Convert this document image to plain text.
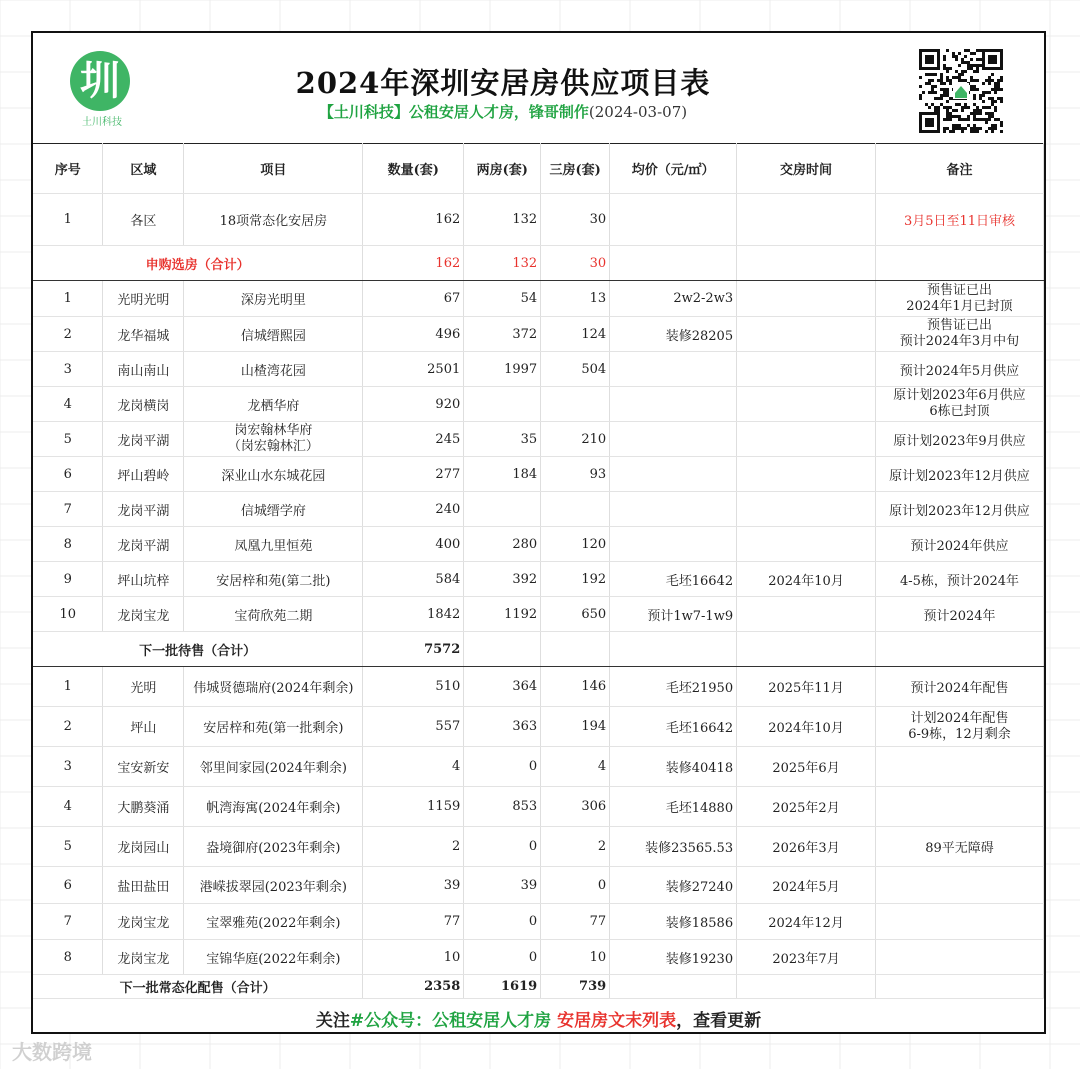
圳
土川科技
2024年深圳安居房供应项目表
【土川科技】公租安居人才房，锋哥制作(2024-03-07)
序号	区域	项目	数量(套)	两房(套)	三房(套)	均价（元/㎡）	交房时间	备注
1	各区	18项常态化安居房	162	132	30			3月5日至11日审核
申购选房（合计）			162	132	30			
1	光明光明	深房光明里	67	54	13	2w2-2w3		预售证已出
2024年1月已封顶
2	龙华福城	信城缙熙园	496	372	124	装修28205		预售证已出
预计2024年3月中旬
3	南山南山	山楂湾花园	2501	1997	504			预计2024年5月供应
4	龙岗横岗	龙栖华府	920					原计划2023年6月供应
6栋已封顶
5	龙岗平湖	岗宏翰林华府
（岗宏翰林汇）	245	35	210			原计划2023年9月供应
6	坪山碧岭	深业山水东城花园	277	184	93			原计划2023年12月供应
7	龙岗平湖	信城缙学府	240					原计划2023年12月供应
8	龙岗平湖	凤凰九里恒苑	400	280	120			预计2024年供应
9	坪山坑梓	安居梓和苑(第二批)	584	392	192	毛坯16642	2024年10月	4-5栋，预计2024年
10	龙岗宝龙	宝荷欣苑二期	1842	1192	650	预计1w7-1w9		预计2024年
下一批待售（合计）			7572					
1	光明	伟城贤德瑞府(2024年剩余)	510	364	146	毛坯21950	2025年11月	预计2024年配售
2	坪山	安居梓和苑(第一批剩余)	557	363	194	毛坯16642	2024年10月	计划2024年配售
6-9栋，12月剩余
3	宝安新安	邻里间家园(2024年剩余)	4	0	4	装修40418	2025年6月	
4	大鹏葵涌	帆湾海寓(2024年剩余)	1159	853	306	毛坯14880	2025年2月	
5	龙岗园山	盎境御府(2023年剩余)	2	0	2	装修23565.53	2026年3月	89平无障碍
6	盐田盐田	港嵘拔翠园(2023年剩余)	39	39	0	装修27240	2024年5月	
7	龙岗宝龙	宝翠雅苑(2022年剩余)	77	0	77	装修18586	2024年12月	
8	龙岗宝龙	宝锦华庭(2022年剩余)	10	0	10	装修19230	2023年7月	
下一批常态化配售（合计）			2358	1619	739			
关注#公众号：公租安居人才房 安居房文末列表，查看更新
大数跨境
